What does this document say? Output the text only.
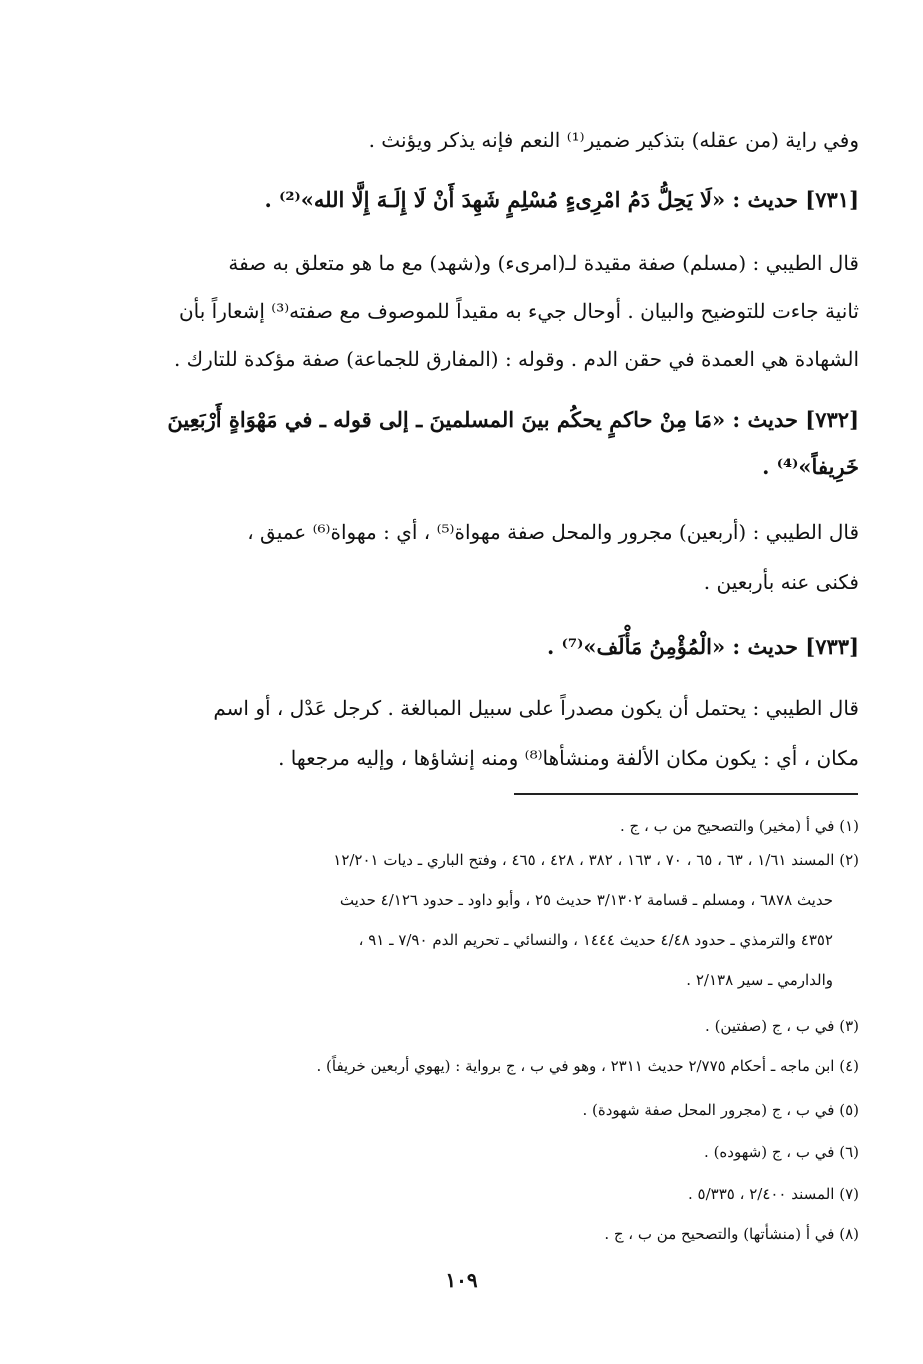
وفي راية (من عقله) بتذكير ضمير⁽¹⁾ النعم فإنه يذكر ويؤنث .
[٧٣١] حديث : «لَا يَحِلُّ دَمُ امْرِىءٍ مُسْلِمٍ شَهِدَ أَنْ لَا إِلَـهَ إِلَّا الله»⁽²⁾ .
قال الطيبي : (مسلم) صفة مقيدة لـ(امرىء) و(شهد) مع ما هو متعلق به صفة
ثانية جاءت للتوضيح والبيان . أوحال جيء به مقيداً للموصوف مع صفته⁽³⁾ إشعاراً بأن
الشهادة هي العمدة في حقن الدم . وقوله : (المفارق للجماعة) صفة مؤكدة للتارك .
[٧٣٢] حديث : «مَا مِنْ حاكمٍ يحكُم بينَ المسلمينَ ـ إلى قوله ـ في مَهْوَاةٍ أَرْبَعِينَ
خَرِيفاً»⁽⁴⁾ .
قال الطيبي : (أربعين) مجرور والمحل صفة مهواة⁽⁵⁾ ، أي : مهواة⁽⁶⁾ عميق ،
فكنى عنه بأربعين .
[٧٣٣] حديث : «الْمُؤْمِنُ مَأْلَف»⁽⁷⁾ .
قال الطيبي : يحتمل أن يكون مصدراً على سبيل المبالغة . كرجل عَدْل ، أو اسم
مكان ، أي : يكون مكان الألفة ومنشأها⁽⁸⁾ ومنه إنشاؤها ، وإليه مرجعها .
(١) في أ (مخير) والتصحيح من ب ، ج .
(٢) المسند ١/٦١ ، ٦٣ ، ٦٥ ، ٧٠ ، ١٦٣ ، ٣٨٢ ، ٤٢٨ ، ٤٦٥ ، وفتح الباري ـ ديات ١٢/٢٠١
حديث ٦٨٧٨ ، ومسلم ـ قسامة ٣/١٣٠٢ حديث ٢٥ ، وأبو داود ـ حدود ٤/١٢٦ حديث
٤٣٥٢ والترمذي ـ حدود ٤/٤٨ حديث ١٤٤٤ ، والنسائي ـ تحريم الدم ٧/٩٠ ـ ٩١ ،
والدارمي ـ سير ٢/١٣٨ .
(٣) في ب ، ج (صفتين) .
(٤) ابن ماجه ـ أحكام ٢/٧٧٥ حديث ٢٣١١ ، وهو في ب ، ج برواية : (يهوي أربعين خريفاً) .
(٥) في ب ، ج (مجرور المحل صفة شهودة) .
(٦) في ب ، ج (شهوده) .
(٧) المسند ٢/٤٠٠ ، ٥/٣٣٥ .
(٨) في أ (منشأتها) والتصحيح من ب ، ج .
١٠٩
